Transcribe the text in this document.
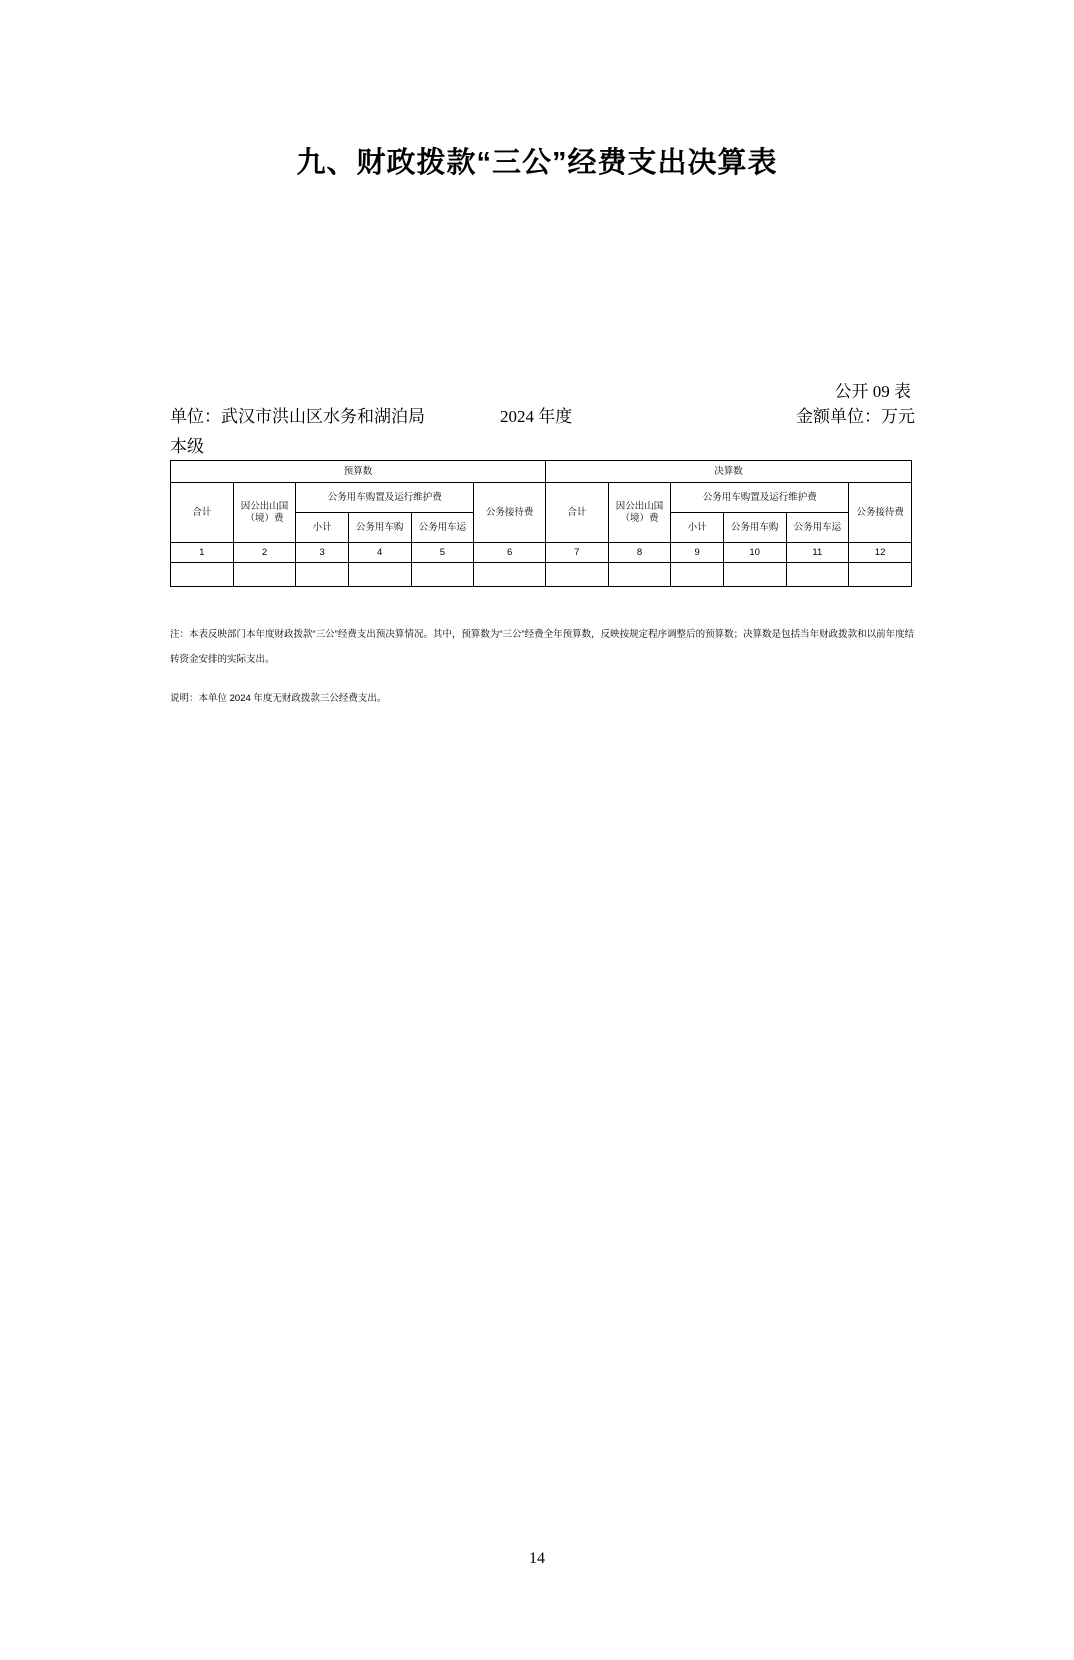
九、财政拨款“三公”经费支出决算表
公开 09 表
单位：武汉市洪山区水务和湖泊局	2024 年度	金额单位：万元
本级
预算数						决算数					
合计	因公出山国（境）费	公务用车购置及运行维护费			公务接待费	合计	因公出山国（境）费	公务用车购置及运行维护费			公务接待费
		小计	公务用车购	公务用车运				小计	公务用车购	公务用车运	
1	2	3	4	5	6	7	8	9	10	11	12

注：本表反映部门本年度财政拨款“三公”经费支出预决算情况。其中，预算数为“三公”经费全年预算数，反映按规定程序调整后的预算数；决算数是包括当年财政拨款和以前年度结转资金安排的实际支出。

说明：本单位 2024 年度无财政拨款三公经费支出。
14
